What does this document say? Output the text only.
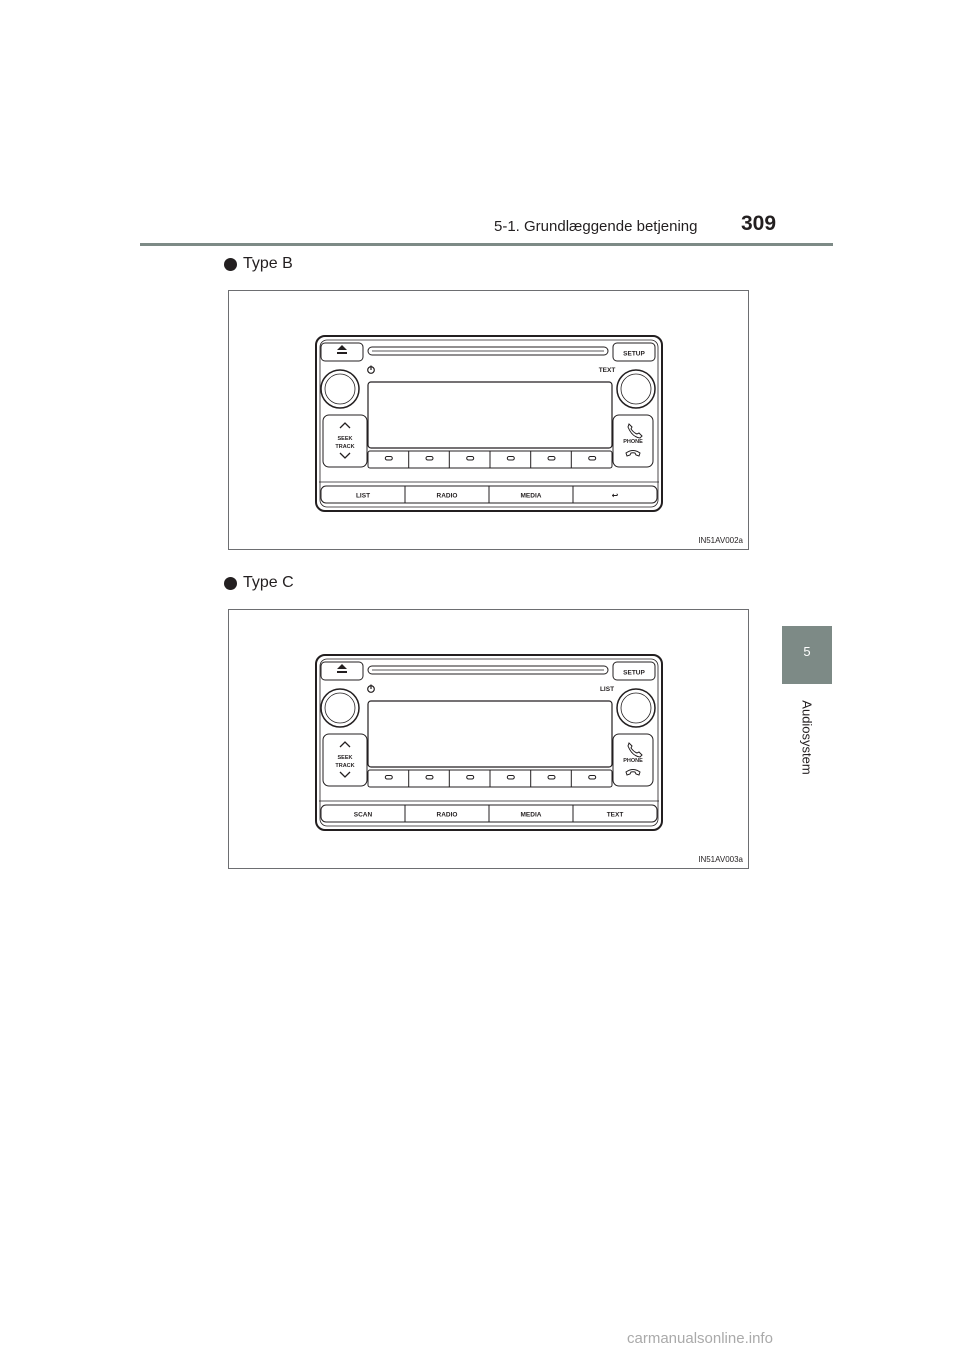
5-1. Grundlæggende betjening 309
5
Audiosystem
Type B
SETUP
TEXT
SEEK
TRACK
PHONE
LIST	RADIO	MEDIA	↩
IN51AV002a
Type C
SETUP
LIST
SEEK
TRACK
PHONE
SCAN	RADIO	MEDIA	TEXT
IN51AV003a
carmanualsonline.info
